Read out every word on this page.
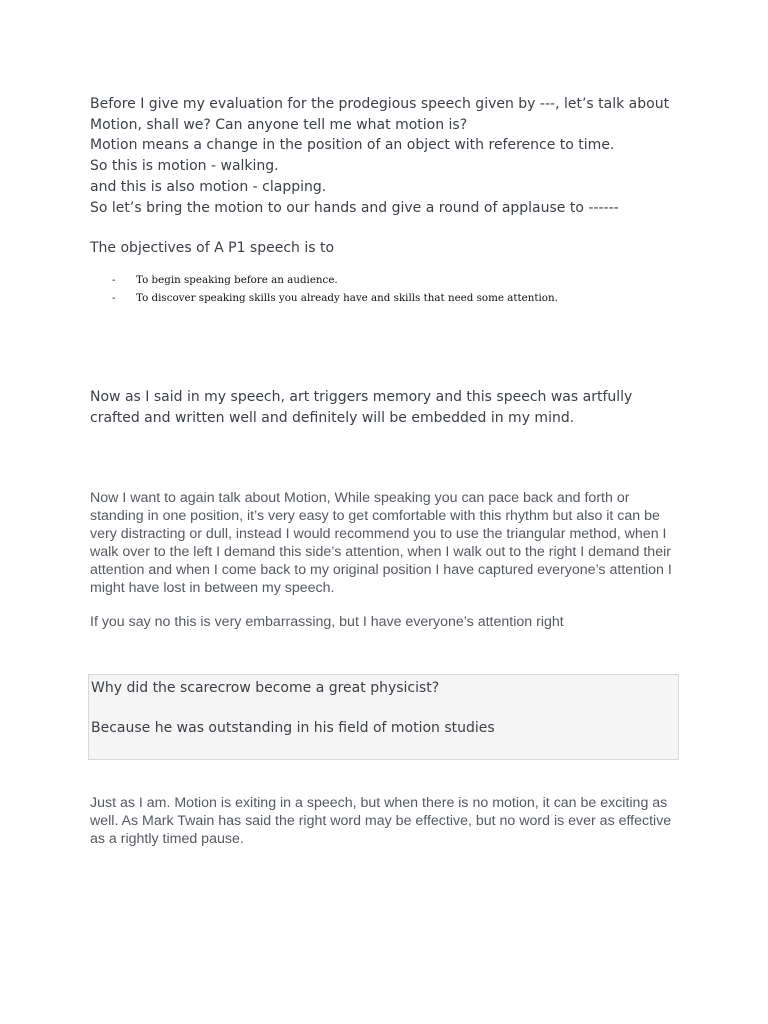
Before I give my evaluation for the prodegious speech given by ---, let’s talk about

Motion, shall we? Can anyone tell me what motion is?

Motion means a change in the position of an object with reference to time.

So this is motion - walking.

and this is also motion - clapping.

So let’s bring the motion to our hands and give a round of applause to ------

The objectives of A P1 speech is to
- To begin speaking before an audience.
- To discover speaking skills you already have and skills that need some attention.

Now as I said in my speech, art triggers memory and this speech was artfully crafted and written well and definitely will be embedded in my mind.

Now I want to again talk about Motion, While speaking you can pace back and forth or standing in one position, it’s very easy to get comfortable with this rhythm but also it can be very distracting or dull, instead I would recommend you to use the triangular method, when I walk over to the left I demand this side’s attention, when I walk out to the right I demand their attention and when I come back to my original position I have captured everyone’s attention I might have lost in between my speech.

If you say no this is very embarrassing, but I have everyone’s attention right

Why did the scarecrow become a great physicist?

Because he was outstanding in his field of motion studies

Just as I am. Motion is exiting in a speech, but when there is no motion, it can be exciting as well. As Mark Twain has said the right word may be effective, but no word is ever as effective as a rightly timed pause.
